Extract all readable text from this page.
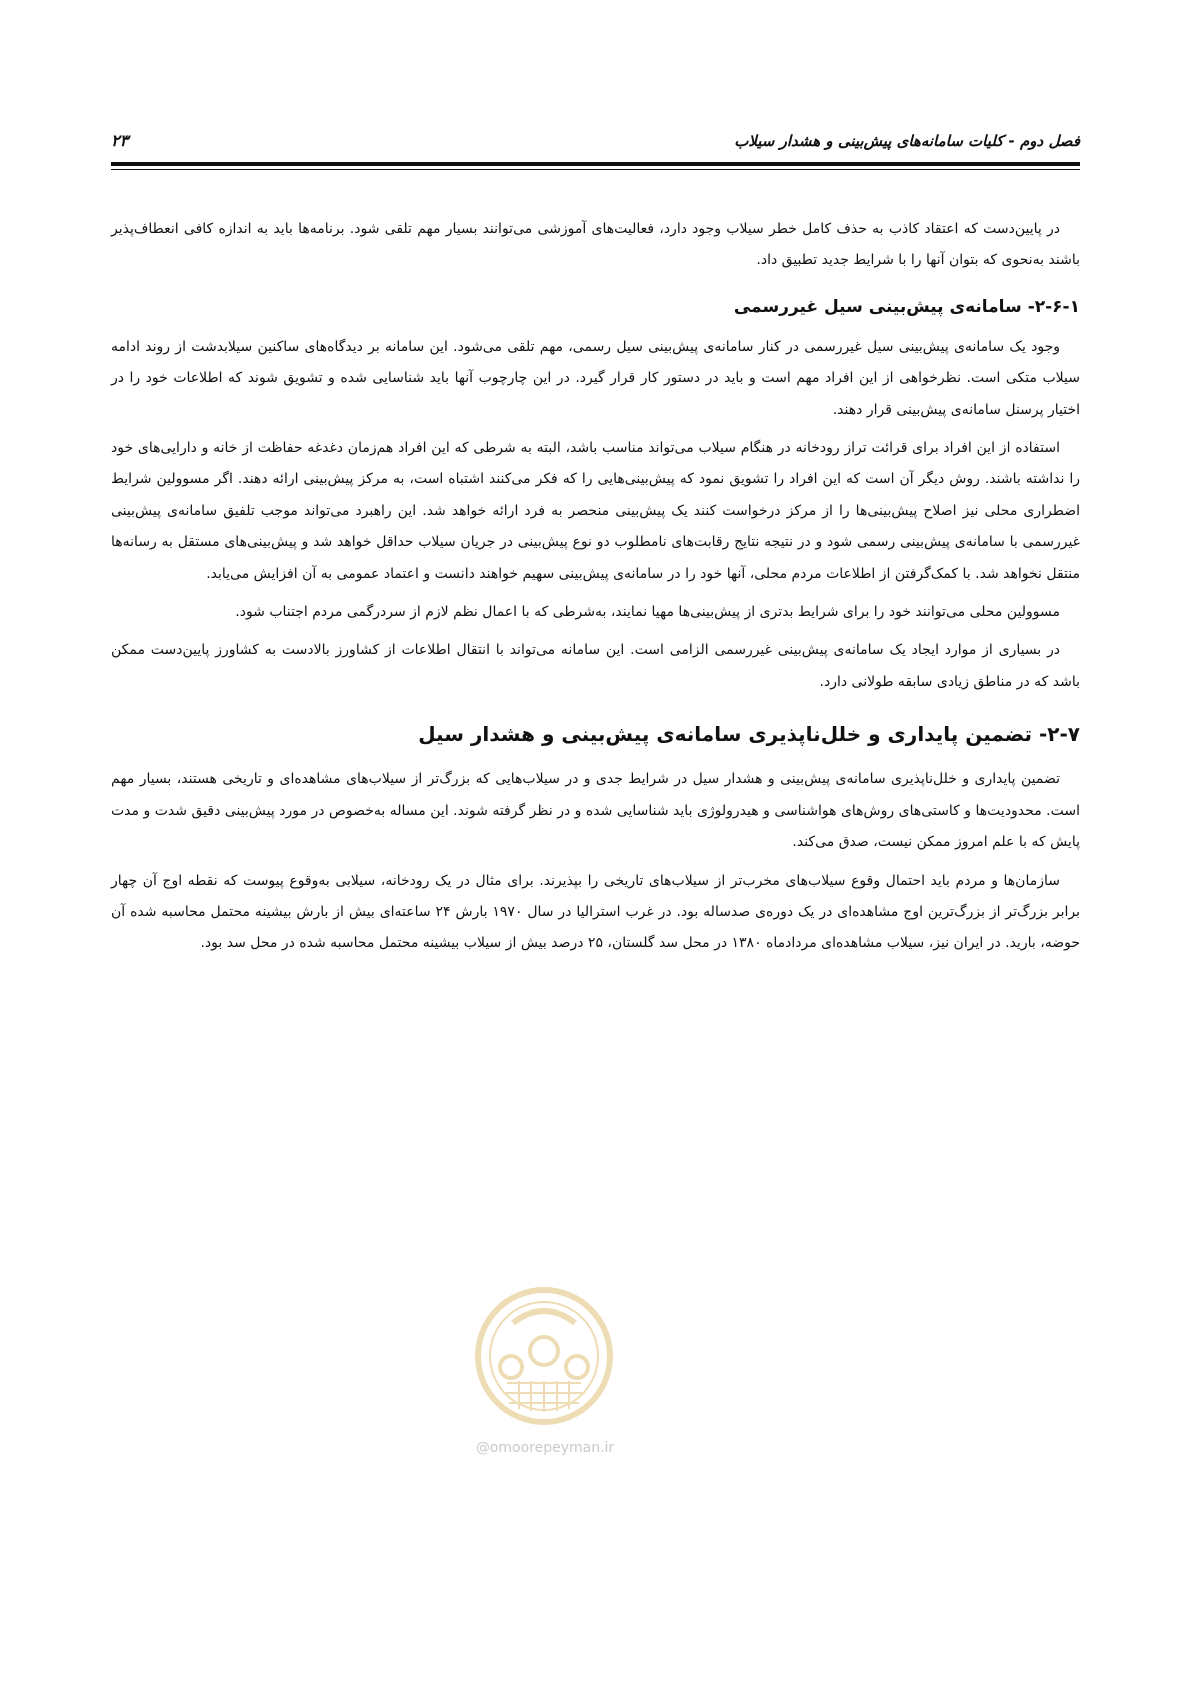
فصل دوم - کلیات سامانه‌های پیش‌بینی و هشدار سیلاب
۲۳

در پایین‌دست که اعتقاد کاذب به حذف کامل خطر سیلاب وجود دارد، فعالیت‌های آموزشی می‌توانند بسیار مهم تلقی شود. برنامه‌ها باید به اندازه کافی انعطاف‌پذیر باشند به‌نحوی که بتوان آنها را با شرایط جدید تطبیق داد.

۲-۶-۱- سامانه‌ی پیش‌بینی سیل غیررسمی

وجود یک سامانه‌ی پیش‌بینی سیل غیررسمی در کنار سامانه‌ی پیش‌بینی سیل رسمی، مهم تلقی می‌شود. این سامانه بر دیدگاه‌های ساکنین سیلابدشت از روند ادامه سیلاب متکی است. نظرخواهی از این افراد مهم است و باید در دستور کار قرار گیرد. در این چارچوب آنها باید شناسایی شده و تشویق شوند که اطلاعات خود را در اختیار پرسنل سامانه‌ی پیش‌بینی قرار دهند.

استفاده از این افراد برای قرائت تراز رودخانه در هنگام سیلاب می‌تواند مناسب باشد، البته به شرطی که این افراد هم‌زمان دغدغه حفاظت از خانه و دارایی‌های خود را نداشته باشند. روش دیگر آن است که این افراد را تشویق نمود که پیش‌بینی‌هایی را که فکر می‌کنند اشتباه است، به مرکز پیش‌بینی ارائه دهند. اگر مسوولین شرایط اضطراری محلی نیز اصلاح پیش‌بینی‌ها را از مرکز درخواست کنند یک پیش‌بینی منحصر به فرد ارائه خواهد شد. این راهبرد می‌تواند موجب تلفیق سامانه‌ی پیش‌بینی غیررسمی با سامانه‌ی پیش‌بینی رسمی شود و در نتیجه نتایج رقابت‌های نامطلوب دو نوع پیش‌بینی در جریان سیلاب حداقل خواهد شد و پیش‌بینی‌های مستقل به رسانه‌ها منتقل نخواهد شد. با کمک‌گرفتن از اطلاعات مردم محلی، آنها خود را در سامانه‌ی پیش‌بینی سهیم خواهند دانست و اعتماد عمومی به آن افزایش می‌یابد.

مسوولین محلی می‌توانند خود را برای شرایط بدتری از پیش‌بینی‌ها مهیا نمایند، به‌شرطی که با اعمال نظم لازم از سردرگمی مردم اجتناب شود.

در بسیاری از موارد ایجاد یک سامانه‌ی پیش‌بینی غیررسمی الزامی است. این سامانه می‌تواند با انتقال اطلاعات از کشاورز بالادست به کشاورز پایین‌دست ممکن باشد که در مناطق زیادی سابقه طولانی دارد.

۲-۷- تضمین پایداری و خلل‌ناپذیری سامانه‌ی پیش‌بینی و هشدار سیل

تضمین پایداری و خلل‌ناپذیری سامانه‌ی پیش‌بینی و هشدار سیل در شرایط جدی و در سیلاب‌هایی که بزرگ‌تر از سیلاب‌های مشاهده‌ای و تاریخی هستند، بسیار مهم است. محدودیت‌ها و کاستی‌های روش‌های هواشناسی و هیدرولوژی باید شناسایی شده و در نظر گرفته شوند. این مساله به‌خصوص در مورد پیش‌بینی دقیق شدت و مدت پایش که با علم امروز ممکن نیست، صدق می‌کند.

سازمان‌ها و مردم باید احتمال وقوع سیلاب‌های مخرب‌تر از سیلاب‌های تاریخی را بپذیرند. برای مثال در یک رودخانه، سیلابی به‌وقوع پیوست که نقطه اوج آن چهار برابر بزرگ‌تر از بزرگ‌ترین اوج مشاهده‌ای در یک دوره‌ی صدساله بود. در غرب استرالیا در سال ۱۹۷۰ بارش ۲۴ ساعته‌ای بیش از بارش بیشینه محتمل محاسبه شده آن حوضه، بارید. در ایران نیز، سیلاب مشاهده‌ای مردادماه ۱۳۸۰ در محل سد گلستان، ۲۵ درصد بیش از سیلاب بیشینه محتمل محاسبه شده در محل سد بود.

@omoorepeyman.ir
